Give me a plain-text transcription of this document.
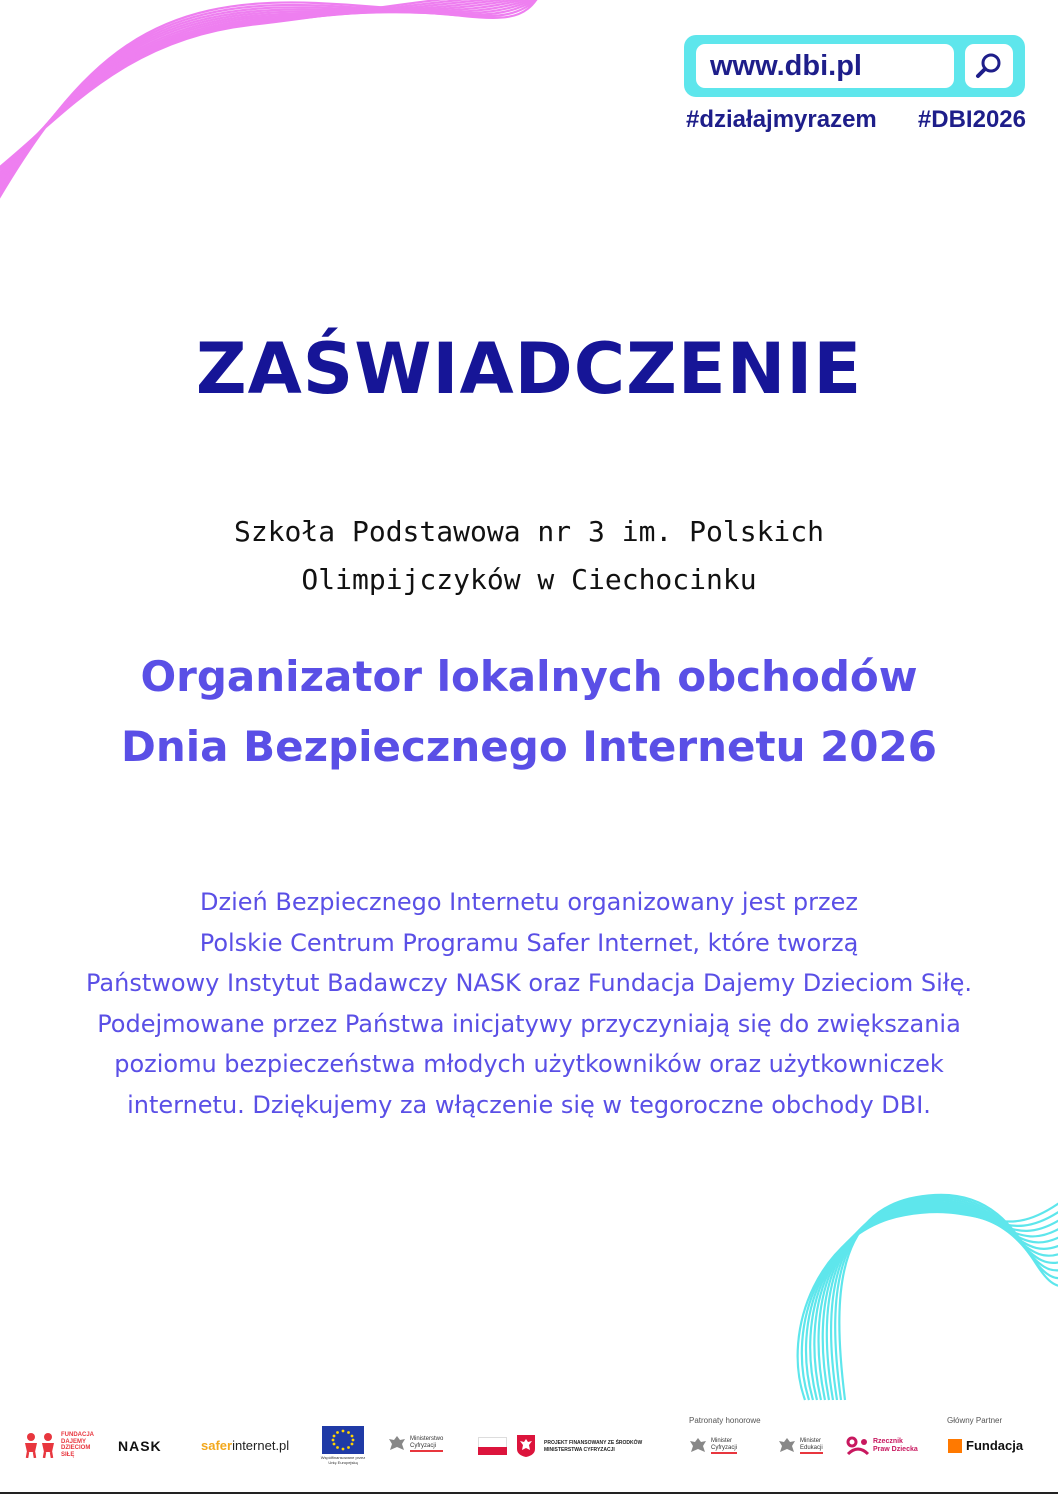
www.dbi.pl
#działajmyrazem #DBI2026
ZAŚWIADCZENIE
Szkoła Podstawowa nr 3 im. Polskich
Olimpijczyków w Ciechocinku
Organizator lokalnych obchodów
Dnia Bezpiecznego Internetu 2026
Dzień Bezpiecznego Internetu organizowany jest przez
Polskie Centrum Programu Safer Internet, które tworzą
Państwowy Instytut Badawczy NASK oraz Fundacja Dajemy Dzieciom Siłę.
Podejmowane przez Państwa inicjatywy przyczyniają się do zwiększania
poziomu bezpieczeństwa młodych użytkowników oraz użytkowniczek
internetu. Dziękujemy za włączenie się w tegoroczne obchody DBI.
Patronaty honorowe	Główny Partner
FUNDACJA
DAJEMY
DZIECIOM
SIŁĘ
NASK	safer internet.pl
Współfinansowane przez Unię Europejską
Ministerstwo
Cyfryzacji	PROJEKT FINANSOWANY ZE ŚRODKÓW
MINISTERSTWA CYFRYZACJI
Minister
Cyfryzacji
Minister
Edukacji
Rzecznik
Praw Dziecka	Fundacja
